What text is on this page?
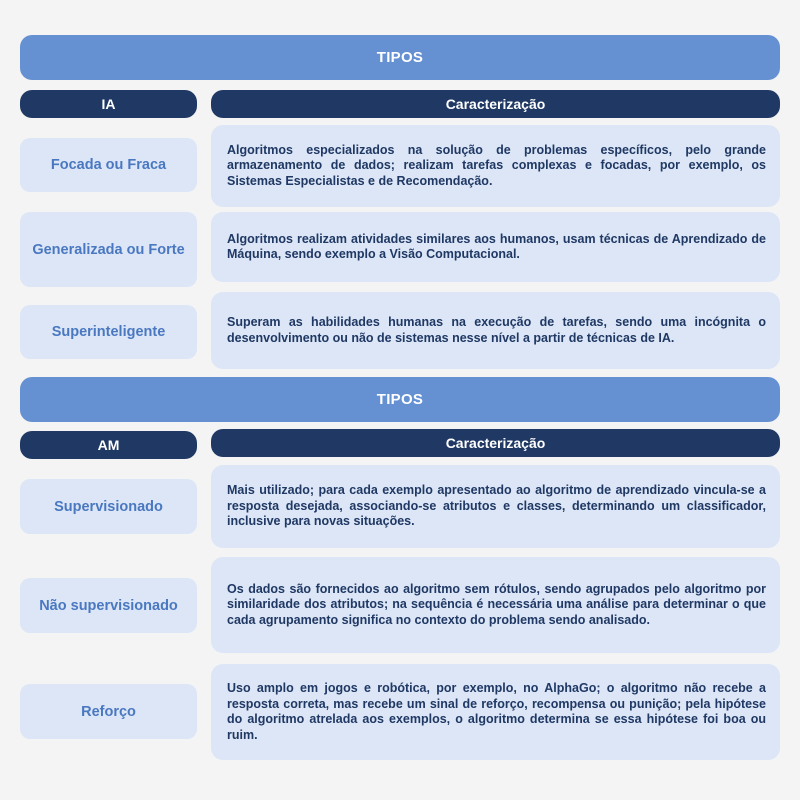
TIPOS
IA	Caracterização
Focada ou Fraca
Algoritmos especializados na solução de problemas específicos, pelo grande armazenamento de dados; realizam tarefas complexas e focadas, por exemplo, os Sistemas Especialistas e de Recomendação.
Generalizada ou Forte
Algoritmos realizam atividades similares aos humanos, usam técnicas de Aprendizado de Máquina, sendo exemplo a Visão Computacional.
Superinteligente
Superam as habilidades humanas na execução de tarefas, sendo uma incógnita o desenvolvimento ou não de sistemas nesse nível a partir de técnicas de IA.
TIPOS
AM	Caracterização
Supervisionado
Mais utilizado; para cada exemplo apresentado ao algoritmo de aprendizado vincula-se a resposta desejada, associando-se atributos e classes, determinando um classificador, inclusive para novas situações.
Não supervisionado
Os dados são fornecidos ao algoritmo sem rótulos, sendo agrupados pelo algoritmo por similaridade dos atributos; na sequência é necessária uma análise para determinar o que cada agrupamento significa no contexto do problema sendo analisado.
Reforço
Uso amplo em jogos e robótica, por exemplo, no AlphaGo; o algoritmo não recebe a resposta correta, mas recebe um sinal de reforço, recompensa ou punição; pela hipótese do algoritmo atrelada aos exemplos, o algoritmo determina se essa hipótese foi boa ou ruim.
